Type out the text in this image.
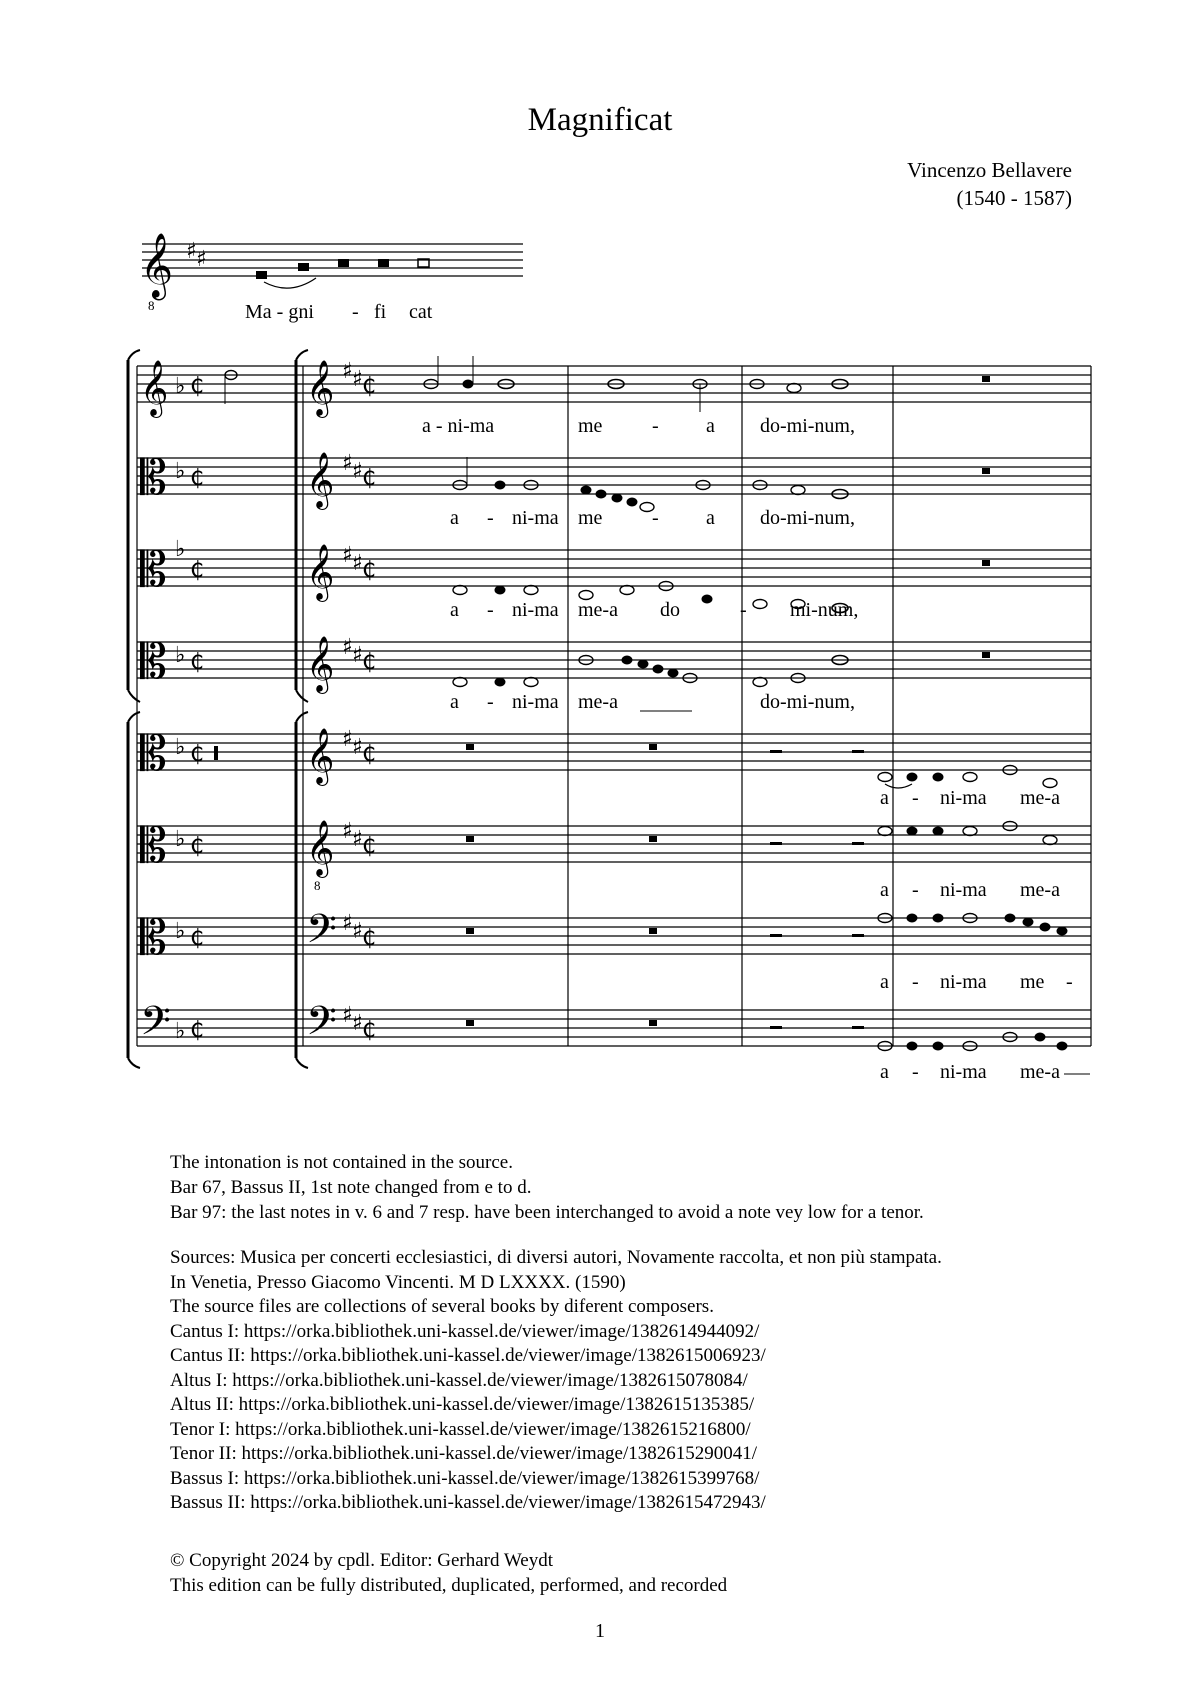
Magnificat
Vincenzo Bellavere
(1540 - 1587)
𝄞
8
♯ ♯
Ma - gni - fi cat
𝄞 ♭ ₵ 𝄞 ♯ ♯ ₵
a - ni-ma	me - a do-mi-num,
𝄡 ♭ ₵ 𝄞 ♯ ♯ ₵
a - ni-ma me - a do-mi-num,
𝄡 ♭
₵ 𝄞 ♯ ♯ ₵
a - ni-ma me-a do	- mi-num,
𝄡 ♭ ₵ 𝄞 ♯ ♯ ₵
a - ni-ma me-a	do-mi-num,
𝄡 ♭ ₵ 𝄞 ♯ ♯ ₵
a - ni-ma me-a
𝄡 ♭ ₵ 𝄞
8
♯ ♯ ₵
a - ni-ma me-a
𝄡 ♭ ₵ 𝄢 ♯ ♯ ₵
a - ni-ma me -
𝄢 ♭ ₵ 𝄢 ♯ ♯ ₵
a - ni-ma me-a
The intonation is not contained in the source.
Bar 67, Bassus II, 1st note changed from e to d.
Bar 97: the last notes in v. 6 and 7 resp. have been interchanged to avoid a note vey low for a tenor.
Sources: Musica per concerti ecclesiastici, di diversi autori, Novamente raccolta, et non più stampata.
In Venetia, Presso Giacomo Vincenti. M D LXXXX. (1590)
The source files are collections of several books by diferent composers.
Cantus I: https://orka.bibliothek.uni-kassel.de/viewer/image/1382614944092/
Cantus II: https://orka.bibliothek.uni-kassel.de/viewer/image/1382615006923/
Altus I: https://orka.bibliothek.uni-kassel.de/viewer/image/1382615078084/
Altus II: https://orka.bibliothek.uni-kassel.de/viewer/image/1382615135385/
Tenor I: https://orka.bibliothek.uni-kassel.de/viewer/image/1382615216800/
Tenor II: https://orka.bibliothek.uni-kassel.de/viewer/image/1382615290041/
Bassus I: https://orka.bibliothek.uni-kassel.de/viewer/image/1382615399768/
Bassus II: https://orka.bibliothek.uni-kassel.de/viewer/image/1382615472943/
© Copyright 2024 by cpdl. Editor: Gerhard Weydt
This edition can be fully distributed, duplicated, performed, and recorded
1
